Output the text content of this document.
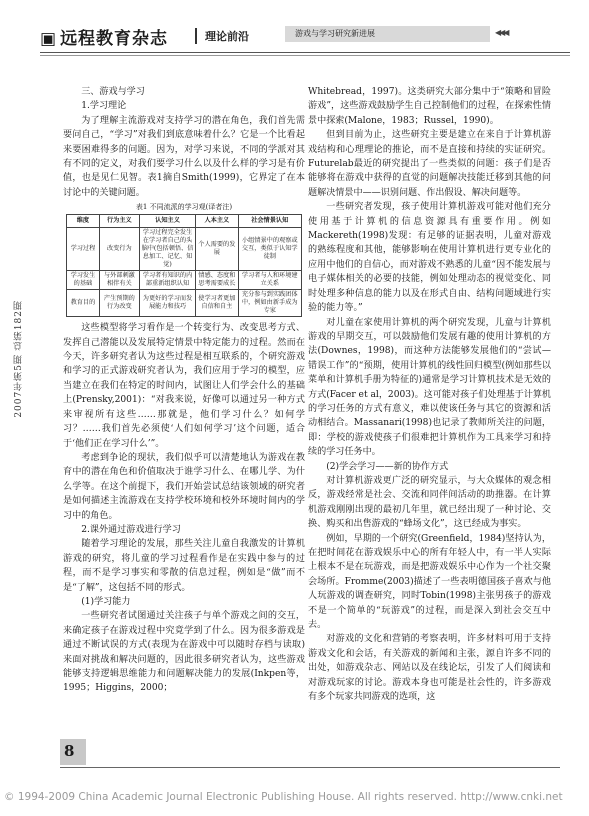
▣ 远程教育杂志	理论前沿	游戏与学习研究新进展	◀◀◀
2007年第5期 总第182期

三、游戏与学习

1.学习理论

为了理解主流游戏对支持学习的潜在角色，我们首先需要问自己，“学习”对我们到底意味着什么？它是一个比看起来要困难得多的问题。因为，对学习来说，不同的学派对其有不同的定义，对我们要学习什么以及什么样的学习是有价值，也是见仁见智。表1摘自Smith(1999)，它界定了在本讨论中的关键问题。

表1 不同流派的学习观(译者注)
维度	行为主义	认知主义	人本主义	社会情景认知
学习过程	改变行为	学习过程完全发生在学习者自己的头脑中(包括顿悟、信息加工、记忆、知觉)	个人需要的发展	小组情景中的观察或交互，类似于认知学徒制
学习发生的基础	与外部刺激相伴有关	学习者有知识的内部重新组织认知	情感、态度和思考需要成长	学习者与人和环境建立关系
教育目的	产生预期的行为改变	为更好的学习而发展能力和技巧	使学习者更加自信和自主	充分参与到实践团体中，例如由新手成为专家

这些模型将学习看作是一个转变行为、改变思考方式、发挥自己潜能以及发展特定情景中特定能力的过程。然而在今天，许多研究者认为这些过程是相互联系的，个研究游戏和学习的正式游戏研究者认为，我们应用于学习的模型，应当建立在我们在特定的时间内，试图让人们学会什么的基础上(Prensky,2001)：“对我来说，好像可以通过另一种方式来审视所有这些……那就是，他们学习什么？如何学习？……我们首先必须使‘人们如何学习’这个问题，适合于‘他们正在学习什么’”。

考虑到争论的现状，我们似乎可以清楚地认为游戏在教育中的潜在角色和价值取决于谁学习什么、在哪儿学、为什么学等。在这个前提下，我们开始尝试总结该领域的研究者是如何描述主流游戏在支持学校环境和校外环境时间内的学习中的角色。

2.课外通过游戏进行学习

随着学习理论的发展，那些关注儿童自我激发的计算机游戏的研究，将儿童的学习过程看作是在实践中参与的过程，而不是学习事实和零散的信息过程，例如是“做”而不是“了解”，这包括不同的形式。

(1)学习能力

一些研究者试图通过关注孩子与单个游戏之间的交互，来确定孩子在游戏过程中究竟学到了什么。因为很多游戏是通过不断试误的方式(表现为在游戏中可以随时存档与读取)来面对挑战和解决问题的，因此很多研究者认为，这些游戏能够支持逻辑思维能力和问题解决能力的发展(Inkpen等，1995；Higgins，2000；

Whitebread，1997)。这类研究大部分集中于“策略和冒险游戏”，这些游戏鼓励学生自己控制他们的过程，在探索性情景中探索(Malone，1983；Russel，1990)。

但到目前为止，这些研究主要是建立在来自于计算机游戏结构和心理理论的推论，而不是直接和持续的实证研究。Futurelab最近的研究提出了一些类似的问题：孩子们是否能够将在游戏中获得的直觉的问题解决技能迁移到其他的问题解决情景中——识别问题、作出假设、解决问题等。

一些研究者发现，孩子使用计算机游戏可能对他们充分使用基于计算机的信息资源具有重要作用。例如Mackereth(1998)发现：有足够的证据表明，儿童对游戏的熟练程度和其他，能够影响在使用计算机进行更专业化的应用中他们的自信心，而对游戏不熟悉的儿童“因不能发展与电子媒体相关的必要的技能，例如处理动态的视觉变化、同时处理多种信息的能力以及在形式自由、结构问题域进行实验的能力等。”

对儿童在家使用计算机的两个研究发现，儿童与计算机游戏的早期交互，可以鼓励他们发展有趣的使用计算机的方法(Downes，1998)，而这种方法能够发展他们的“尝试—错误工作”的“预期，使用计算机的线性回归模型(例如那些以菜单和计算机手册为特征的)通常是学习计算机技术是无效的方式(Facer et al，2003)。这可能对孩子们处理基于计算机的学习任务的方式有意义，难以使该任务与其它的资源和活动相结合。Massanari(1998)也记录了教师所关注的问题，即：学校的游戏使孩子们很难把计算机作为工具来学习和持续的学习任务中。

(2)学会学习——新的协作方式

对计算机游戏更广泛的研究显示，与大众媒体的观念相反，游戏经常是社会、交流和同伴间活动的助推器。在计算机游戏刚刚出现的最初几年里，就已经出现了一种讨论、交换、购买和出售游戏的“蜂场文化”，这已经成为事实。

例如，早期的一个研究(Greenfield，1984)坚持认为，在把时间花在游戏娱乐中心的所有年轻人中，有一半人实际上根本不是在玩游戏，而是把游戏娱乐中心作为一个社交聚会场所。Fromme(2003)描述了一些表明德国孩子喜欢与他人玩游戏的调查研究，同时Tobin(1998)主张男孩子的游戏不是一个简单的“玩游戏”的过程，而是深入到社会交互中去。

对游戏的文化和营销的考察表明，许多材料可用于支持游戏文化和会话，有关游戏的新闻和主张，源自许多不同的出处，如游戏杂志、网站以及在线论坛，引发了人们阅读和对游戏玩家的讨论。游戏本身也可能是社会性的，许多游戏有多个玩家共同游戏的选项，这

8
© 1994-2009 China Academic Journal Electronic Publishing House. All rights reserved. http://www.cnki.net
